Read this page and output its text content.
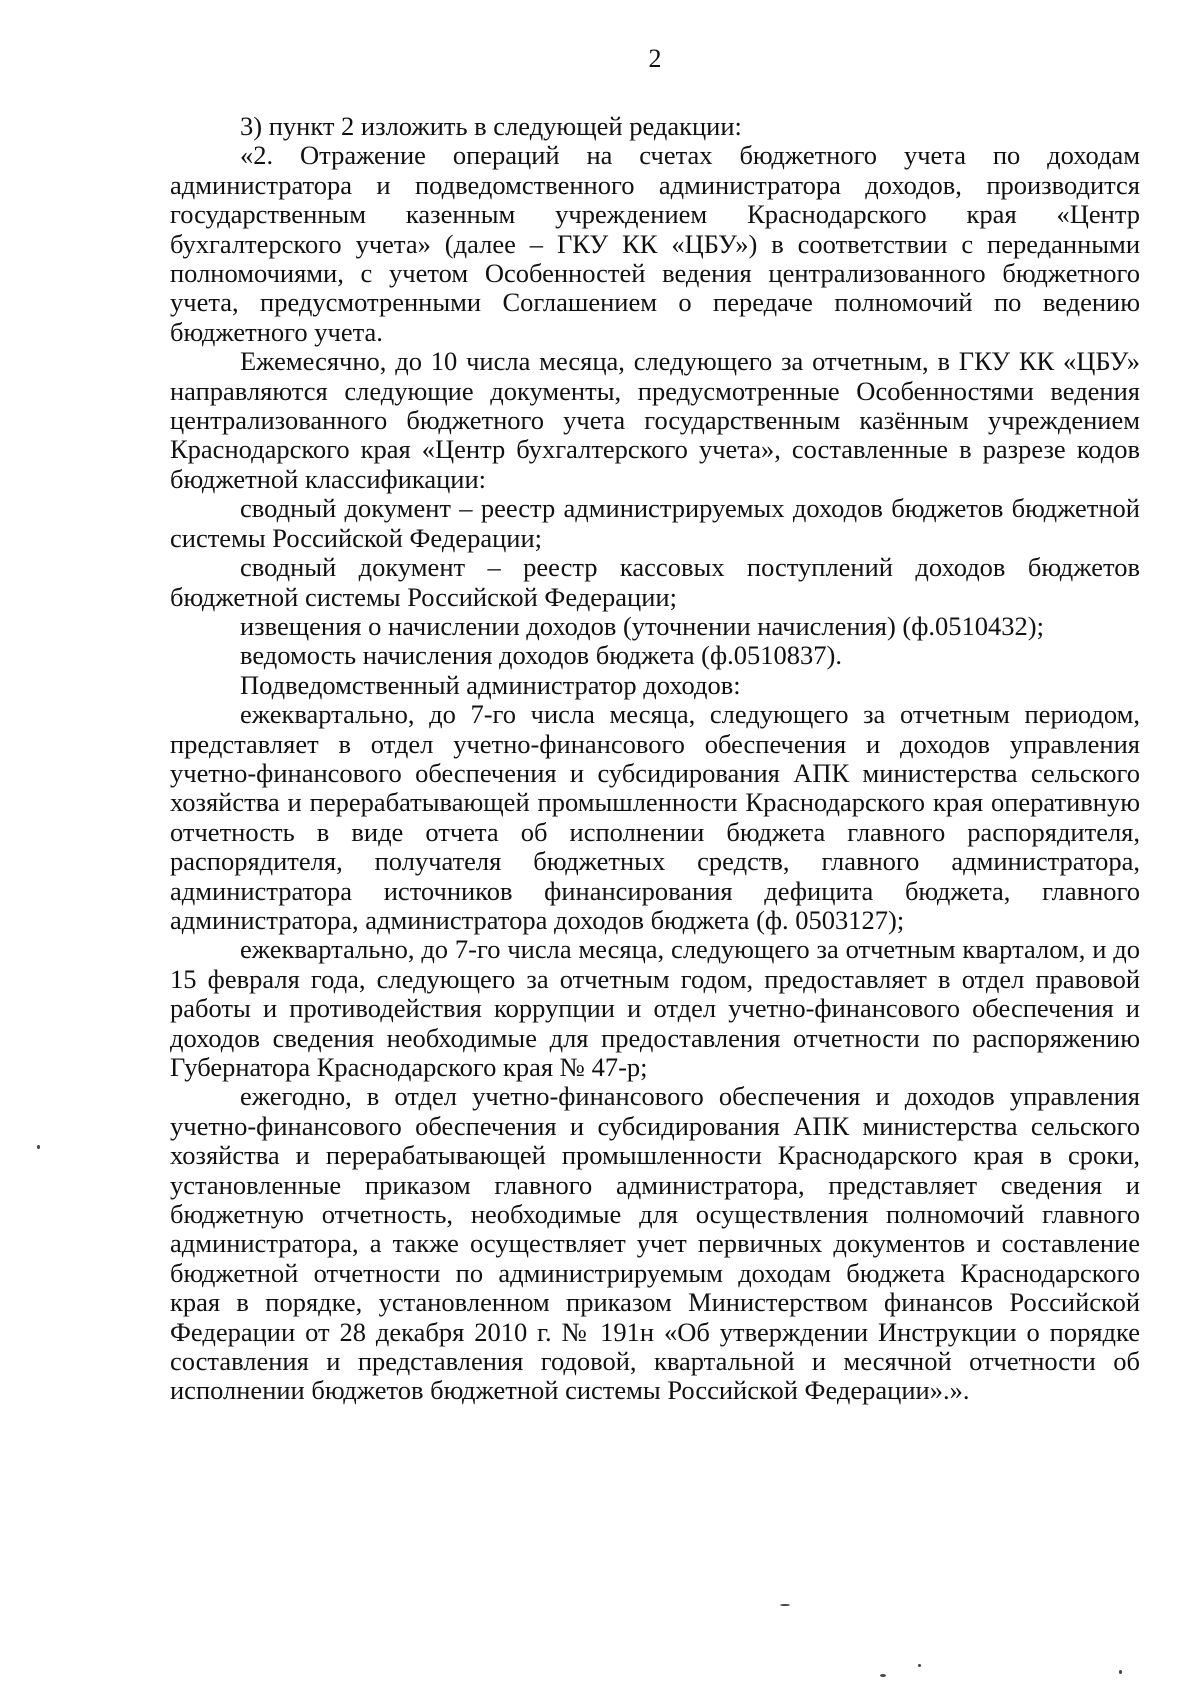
2

3) пункт 2 изложить в следующей редакции:

«2. Отражение операций на счетах бюджетного учета по доходам администратора и подведомственного администратора доходов, производится государственным казенным учреждением Краснодарского края «Центр бухгалтерского учета» (далее – ГКУ КК «ЦБУ») в соответствии с переданными полномочиями, с учетом Особенностей ведения централизованного бюджетного учета, предусмотренными Соглашением о передаче полномочий по ведению бюджетного учета.

Ежемесячно, до 10 числа месяца, следующего за отчетным, в ГКУ КК «ЦБУ» направляются следующие документы, предусмотренные Особенностями ведения централизованного бюджетного учета государственным казённым учреждением Краснодарского края «Центр бухгалтерского учета», составленные в разрезе кодов бюджетной классификации:

сводный документ – реестр администрируемых доходов бюджетов бюджетной системы Российской Федерации;

сводный документ – реестр кассовых поступлений доходов бюджетов бюджетной системы Российской Федерации;

извещения о начислении доходов (уточнении начисления) (ф.0510432);

ведомость начисления доходов бюджета (ф.0510837).

Подведомственный администратор доходов:

ежеквартально, до 7-го числа месяца, следующего за отчетным периодом, представляет в отдел учетно-финансового обеспечения и доходов управления учетно-финансового обеспечения и субсидирования АПК министерства сельского хозяйства и перерабатывающей промышленности Краснодарского края оперативную отчетность в виде отчета об исполнении бюджета главного распорядителя, распорядителя, получателя бюджетных средств, главного администратора, администратора источников финансирования дефицита бюджета, главного администратора, администратора доходов бюджета (ф. 0503127);

ежеквартально, до 7-го числа месяца, следующего за отчетным кварталом, и до 15 февраля года, следующего за отчетным годом, предоставляет в отдел правовой работы и противодействия коррупции и отдел учетно-финансового обеспечения и доходов сведения необходимые для предоставления отчетности по распоряжению Губернатора Краснодарского края № 47-р;

ежегодно, в отдел учетно-финансового обеспечения и доходов управления учетно-финансового обеспечения и субсидирования АПК министерства сельского хозяйства и перерабатывающей промышленности Краснодарского края в сроки, установленные приказом главного администратора, представляет сведения и бюджетную отчетность, необходимые для осуществления полномочий главного администратора, а также осуществляет учет первичных документов и составление бюджетной отчетности по администрируемым доходам бюджета Краснодарского края в порядке, установленном приказом Министерством финансов Российской Федерации от 28 декабря 2010 г. № 191н «Об утверждении Инструкции о порядке составления и представления годовой, квартальной и месячной отчетности об исполнении бюджетов бюджетной системы Российской Федерации».».
